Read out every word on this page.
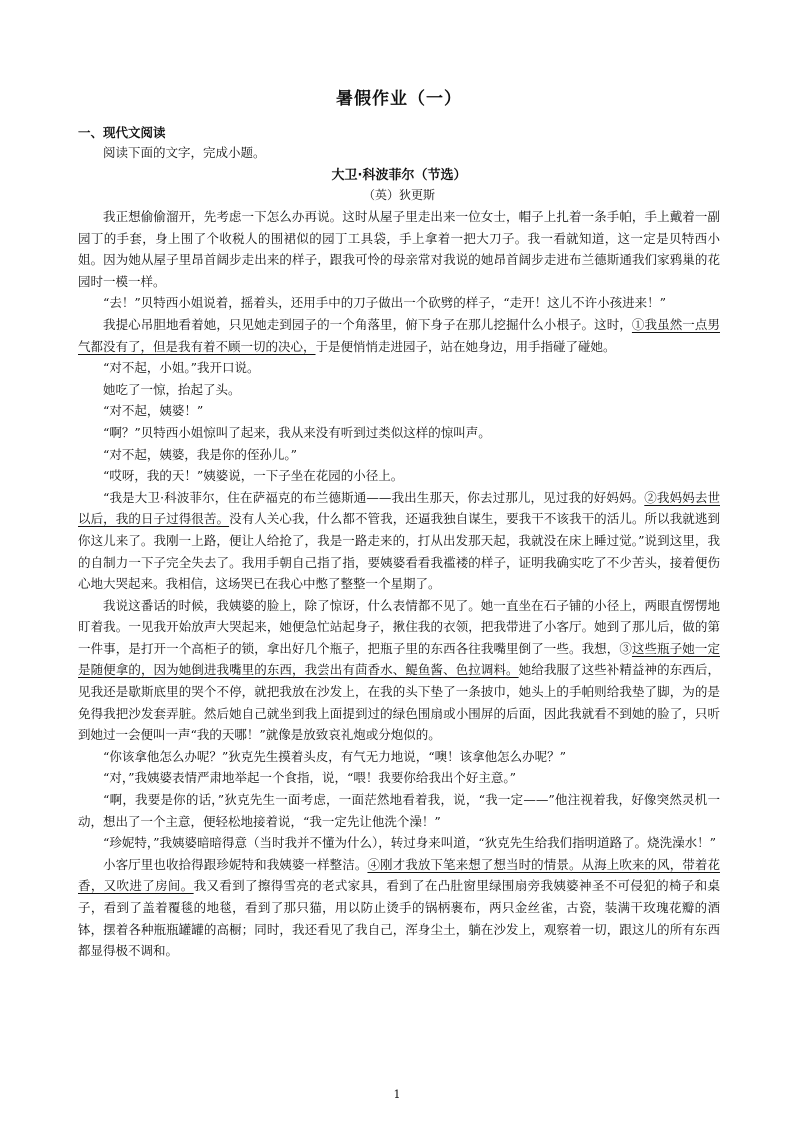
暑假作业（一）
一、现代文阅读

阅读下面的文字，完成小题。

大卫·科波菲尔（节选）
（英）狄更斯

我正想偷偷溜开，先考虑一下怎么办再说。这时从屋子里走出来一位女士，帽子上扎着一条手帕，手上戴着一副园丁的手套，身上围了个收税人的围裙似的园丁工具袋，手上拿着一把大刀子。我一看就知道，这一定是贝特西小姐。因为她从屋子里昂首阔步走出来的样子，跟我可怜的母亲常对我说的她昂首阔步走进布兰德斯通我们家鸦巢的花园时一模一样。

“去！”贝特西小姐说着，摇着头，还用手中的刀子做出一个砍劈的样子，“走开！这儿不许小孩进来！”

我提心吊胆地看着她，只见她走到园子的一个角落里，俯下身子在那儿挖掘什么小根子。这时，①我虽然一点男气都没有了，但是我有着不顾一切的决心，于是便悄悄走进园子，站在她身边，用手指碰了碰她。

“对不起，小姐。”我开口说。

她吃了一惊，抬起了头。

“对不起，姨婆！”

“啊？”贝特西小姐惊叫了起来，我从来没有听到过类似这样的惊叫声。

“对不起，姨婆，我是你的侄孙儿。”

“哎呀，我的天！”姨婆说，一下子坐在花园的小径上。

“我是大卫·科波菲尔，住在萨福克的布兰德斯通——我出生那天，你去过那儿，见过我的好妈妈。②我妈妈去世以后，我的日子过得很苦。没有人关心我，什么都不管我，还逼我独自谋生，要我干不该我干的活儿。所以我就逃到你这儿来了。我刚一上路，便让人给抢了，我是一路走来的，打从出发那天起，我就没在床上睡过觉。”说到这里，我的自制力一下子完全失去了。我用手朝自己指了指，要姨婆看看我褴褛的样子，证明我确实吃了不少苦头，接着便伤心地大哭起来。我相信，这场哭已在我心中憋了整整一个星期了。

我说这番话的时候，我姨婆的脸上，除了惊讶，什么表情都不见了。她一直坐在石子铺的小径上，两眼直愣愣地盯着我。一见我开始放声大哭起来，她便急忙站起身子，揪住我的衣领，把我带进了小客厅。她到了那儿后，做的第一件事，是打开一个高柜子的锁，拿出好几个瓶子，把瓶子里的东西各往我嘴里倒了一些。我想，③这些瓶子她一定是随便拿的，因为她倒进我嘴里的东西，我尝出有茴香水、鳀鱼酱、色拉调料。她给我服了这些补精益神的东西后，见我还是歇斯底里的哭个不停，就把我放在沙发上，在我的头下垫了一条披巾，她头上的手帕则给我垫了脚，为的是免得我把沙发套弄脏。然后她自己就坐到我上面提到过的绿色围扇或小围屏的后面，因此我就看不到她的脸了，只听到她过一会便叫一声“我的天哪！”就像是放致哀礼炮或分炮似的。

“你该拿他怎么办呢？”狄克先生摸着头皮，有气无力地说，“噢！该拿他怎么办呢？”

“对，”我姨婆表情严肃地举起一个食指，说，“喂！我要你给我出个好主意。”

“啊，我要是你的话，”狄克先生一面考虑，一面茫然地看着我，说，“我一定——”他注视着我，好像突然灵机一动，想出了一个主意，便轻松地接着说，“我一定先让他洗个澡！”

“珍妮特，”我姨婆暗暗得意（当时我并不懂为什么），转过身来叫道，“狄克先生给我们指明道路了。烧洗澡水！”

小客厅里也收拾得跟珍妮特和我姨婆一样整洁。④刚才我放下笔来想了想当时的情景。从海上吹来的风，带着花香，又吹进了房间。我又看到了擦得雪亮的老式家具，看到了在凸肚窗里绿围扇旁我姨婆神圣不可侵犯的椅子和桌子，看到了盖着覆毯的地毯，看到了那只猫，用以防止烫手的锅柄裹布，两只金丝雀，古瓷，装满干玫瑰花瓣的酒钵，摆着各种瓶瓶罐罐的高橱；同时，我还看见了我自己，浑身尘土，躺在沙发上，观察着一切，跟这儿的所有东西都显得极不调和。

1
